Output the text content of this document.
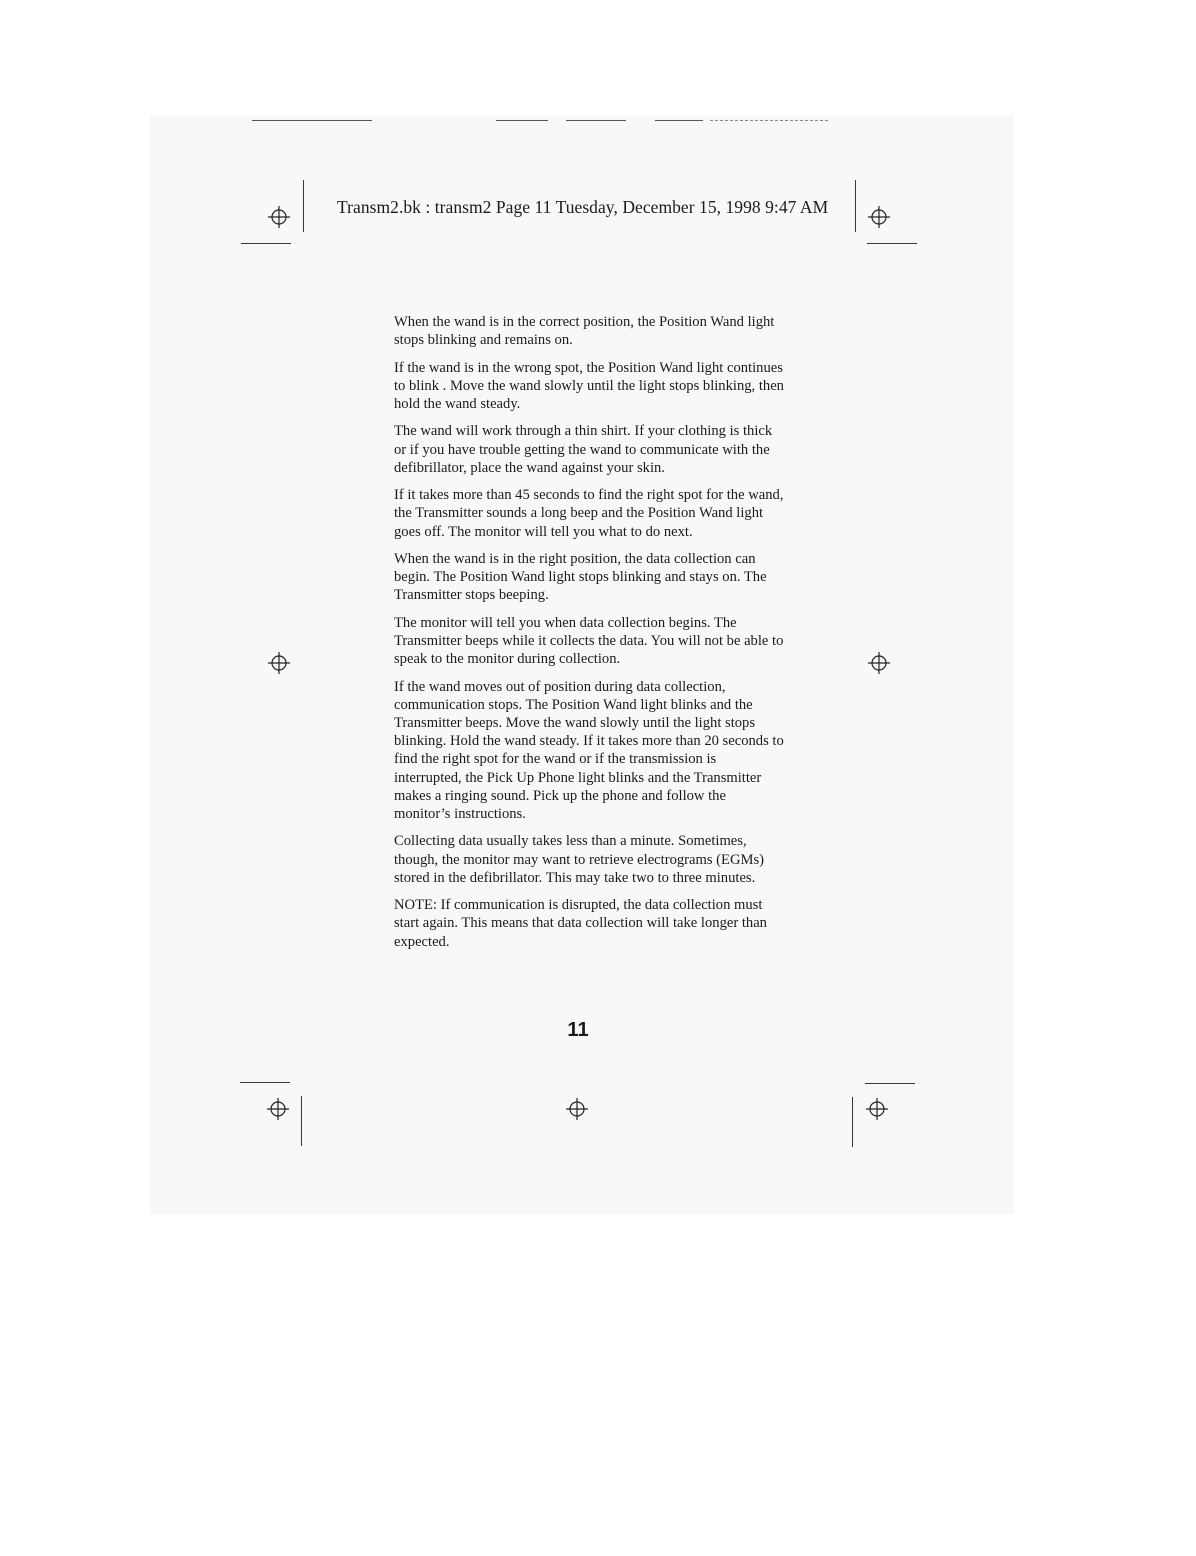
Transm2.bk : transm2 Page 11 Tuesday, December 15, 1998 9:47 AM

When the wand is in the correct position, the Position Wand light stops blinking and remains on.

If the wand is in the wrong spot, the Position Wand light continues to blink . Move the wand slowly until the light stops blinking, then hold the wand steady.

The wand will work through a thin shirt. If your clothing is thick or if you have trouble getting the wand to communicate with the defibrillator, place the wand against your skin.

If it takes more than 45 seconds to find the right spot for the wand, the Transmitter sounds a long beep and the Position Wand light goes off. The monitor will tell you what to do next.

When the wand is in the right position, the data collection can begin. The Position Wand light stops blinking and stays on. The Transmitter stops beeping.

The monitor will tell you when data collection begins. The Transmitter beeps while it collects the data. You will not be able to speak to the monitor during collection.

If the wand moves out of position during data collection, communication stops. The Position Wand light blinks and the Transmitter beeps. Move the wand slowly until the light stops blinking. Hold the wand steady. If it takes more than 20 seconds to find the right spot for the wand or if the transmission is interrupted, the Pick Up Phone light blinks and the Transmitter makes a ringing sound. Pick up the phone and follow the monitor’s instructions.

Collecting data usually takes less than a minute. Sometimes, though, the monitor may want to retrieve electrograms (EGMs) stored in the defibrillator. This may take two to three minutes.

NOTE: If communication is disrupted, the data collection must start again. This means that data collection will take longer than expected.

11
